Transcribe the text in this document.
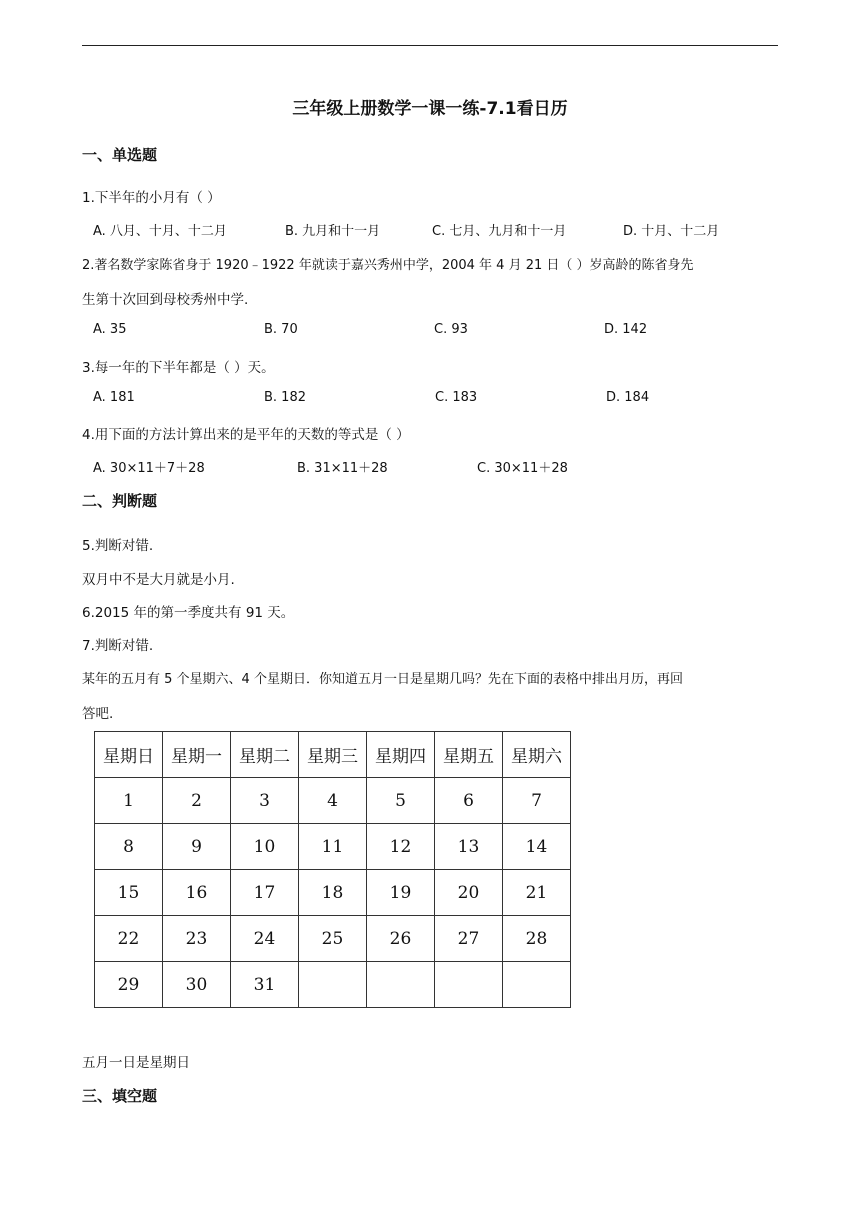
三年级上册数学一课一练-7.1看日历
一、单选题
1.下半年的小月有（ ）
A. 八月、十月、十二月	B. 九月和十一月	C. 七月、九月和十一月	D. 十月、十二月
2.著名数学家陈省身于 1920﹣1922 年就读于嘉兴秀州中学，2004 年 4 月 21 日（ ）岁高龄的陈省身先
生第十次回到母校秀州中学.
A. 35	B. 70	C. 93	D. 142
3.每一年的下半年都是（ ）天。
A. 181	B. 182	C. 183	D. 184
4.用下面的方法计算出来的是平年的天数的等式是（ ）
A. 30×11＋7＋28	B. 31×11＋28	C. 30×11＋28
二、判断题
5.判断对错.
双月中不是大月就是小月.
6.2015 年的第一季度共有 91 天。
7.判断对错.
某年的五月有 5 个星期六、4 个星期日．你知道五月一日是星期几吗？先在下面的表格中排出月历，再回
答吧.
星期日	星期一	星期二	星期三	星期四	星期五	星期六
1	2	3	4	5	6	7
8	9	10	11	12	13	14
15	16	17	18	19	20	21
22	23	24	25	26	27	28
29	30	31				
五月一日是星期日
三、填空题
